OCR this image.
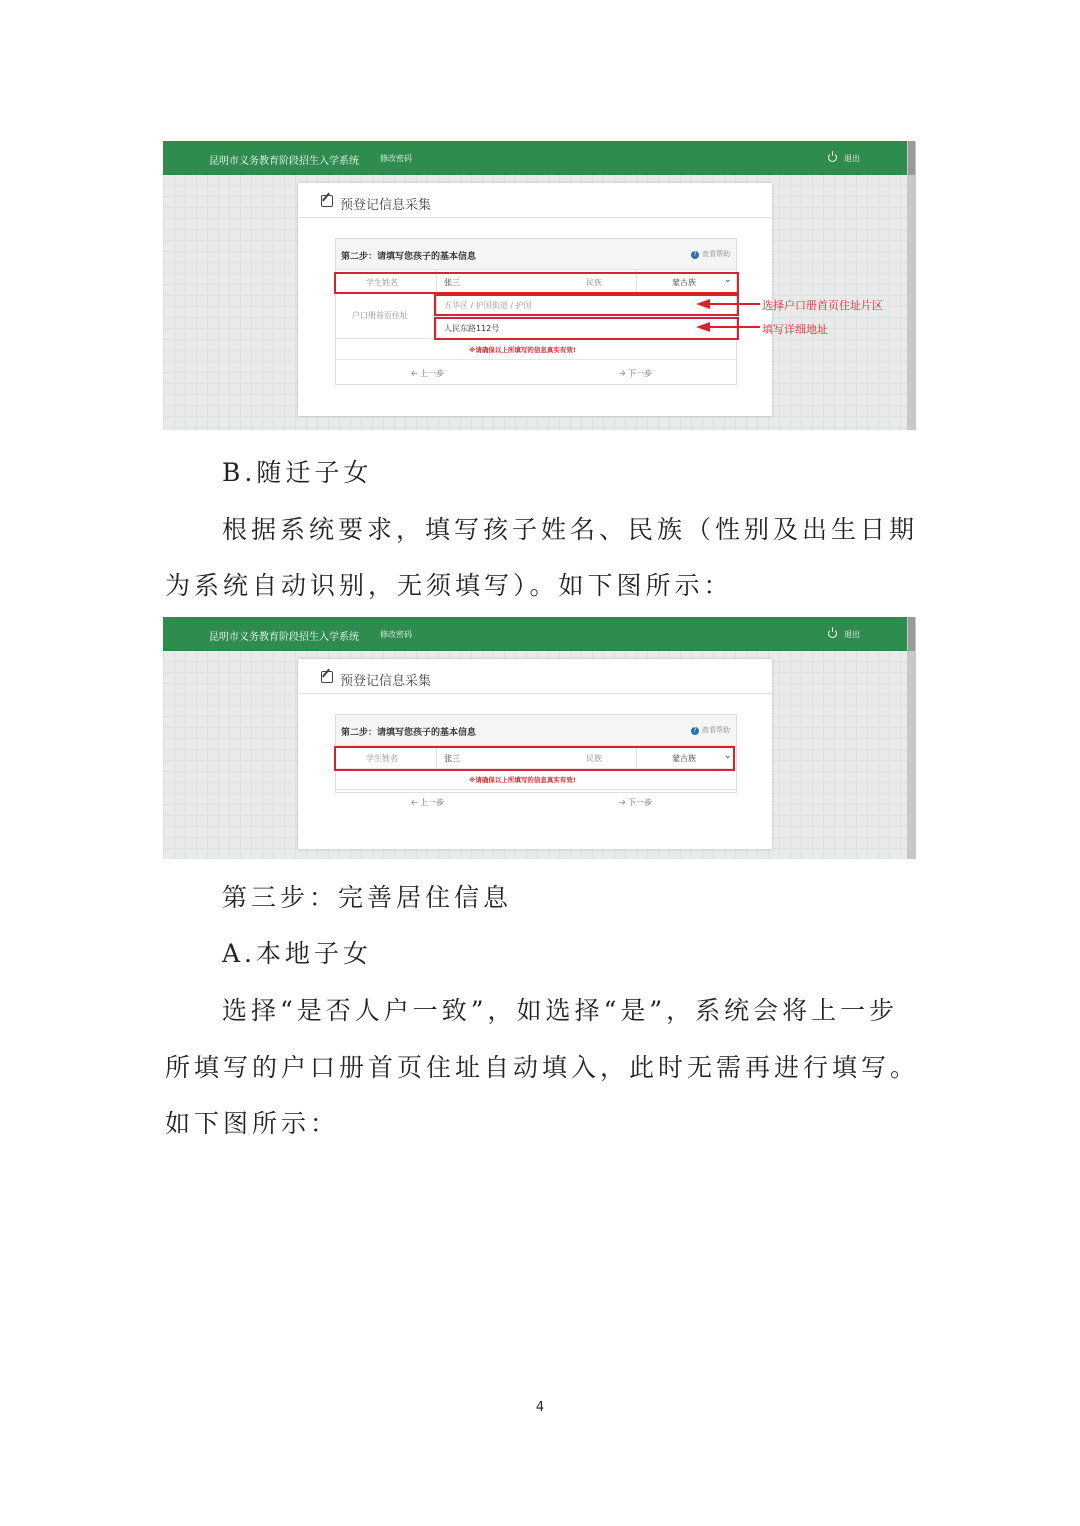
昆明市义务教育阶段招生入学系统	修改密码	退出
预登记信息采集
第二步：请填写您孩子的基本信息	? 查看帮助
学生姓名	张三	民族	蒙古族	⌄
户口册首页住址
五华区 / 护国街道 / 护国
人民东路112号
※请确保以上所填写的信息真实有效!
🡠 上一步	🡢 下一步
选择户口册首页住址片区
填写详细地址
B.随迁子女
根据系统要求，填写孩子姓名、民族（性别及出生日期
为系统自动识别，无须填写）。如下图所示：
昆明市义务教育阶段招生入学系统	修改密码	退出
预登记信息采集
第二步：请填写您孩子的基本信息	? 查看帮助
学生姓名	张三	民族	蒙古族	⌄
※请确保以上所填写的信息真实有效!
🡠 上一步	🡢 下一步
第三步：完善居住信息
A.本地子女
选择“是否人户一致”，如选择“是”，系统会将上一步
所填写的户口册首页住址自动填入，此时无需再进行填写。
如下图所示：
4
